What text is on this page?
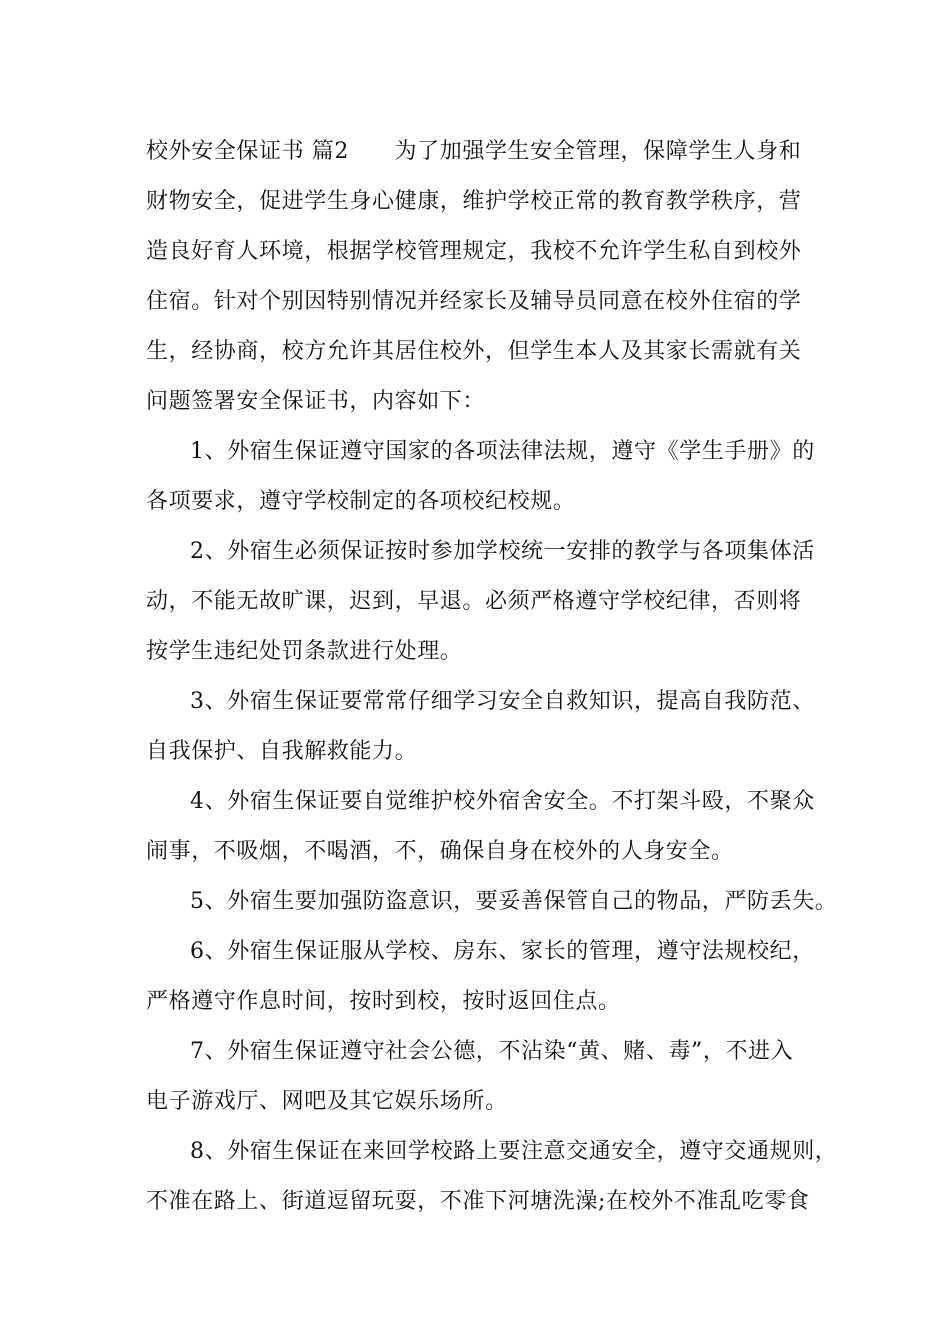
校外安全保证书 篇2      为了加强学生安全管理，保障学生人身和

财物安全，促进学生身心健康，维护学校正常的教育教学秩序，营

造良好育人环境，根据学校管理规定，我校不允许学生私自到校外

住宿。针对个别因特别情况并经家长及辅导员同意在校外住宿的学

生，经协商，校方允许其居住校外，但学生本人及其家长需就有关

问题签署安全保证书，内容如下：

1、外宿生保证遵守国家的各项法律法规，遵守《学生手册》的

各项要求，遵守学校制定的各项校纪校规。

2、外宿生必须保证按时参加学校统一安排的教学与各项集体活

动，不能无故旷课，迟到，早退。必须严格遵守学校纪律，否则将

按学生违纪处罚条款进行处理。

3、外宿生保证要常常仔细学习安全自救知识，提高自我防范、

自我保护、自我解救能力。

4、外宿生保证要自觉维护校外宿舍安全。不打架斗殴，不聚众

闹事，不吸烟，不喝酒，不，确保自身在校外的人身安全。

5、外宿生要加强防盗意识，要妥善保管自己的物品，严防丢失。

6、外宿生保证服从学校、房东、家长的管理，遵守法规校纪，

严格遵守作息时间，按时到校，按时返回住点。

7、外宿生保证遵守社会公德，不沾染“黄、赌、毒”，不进入

电子游戏厅、网吧及其它娱乐场所。

8、外宿生保证在来回学校路上要注意交通安全，遵守交通规则，

不准在路上、街道逗留玩耍，不准下河塘洗澡;在校外不准乱吃零食
